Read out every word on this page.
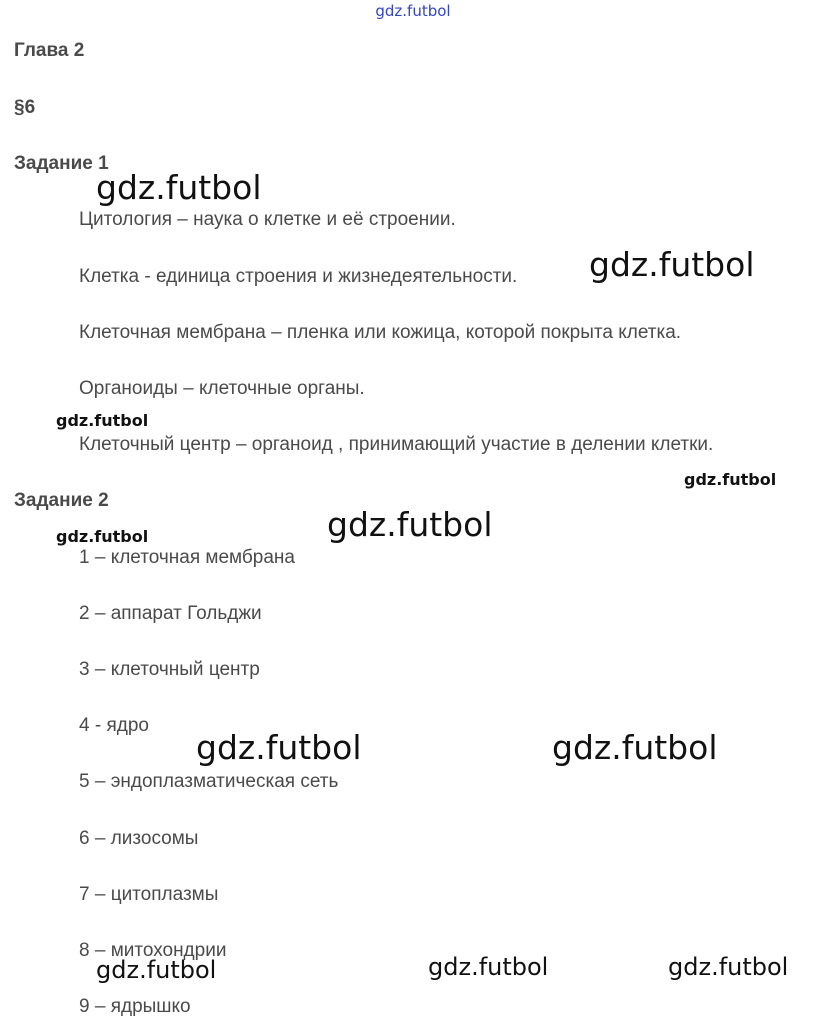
gdz.futbol
Глава 2
§6
Задание 1
Цитология – наука о клетке и её строении.
Клетка - единица строения и жизнедеятельности.
Клеточная мембрана – пленка или кожица, которой покрыта клетка.
Органоиды – клеточные органы.
Клеточный центр – органоид , принимающий участие в делении клетки.
Задание 2
1 – клеточная мембрана
2 – аппарат Гольджи
3 – клеточный центр
4 - ядро
5 – эндоплазматическая сеть
6 – лизосомы
7 – цитоплазмы
8 – митохондрии
9 – ядрышко
gdz.futbol
gdz.futbol
gdz.futbol
gdz.futbol
gdz.futbol	gdz.futbol
gdz.futbol	gdz.futbol
gdz.futbol	gdz.futbol	gdz.futbol
